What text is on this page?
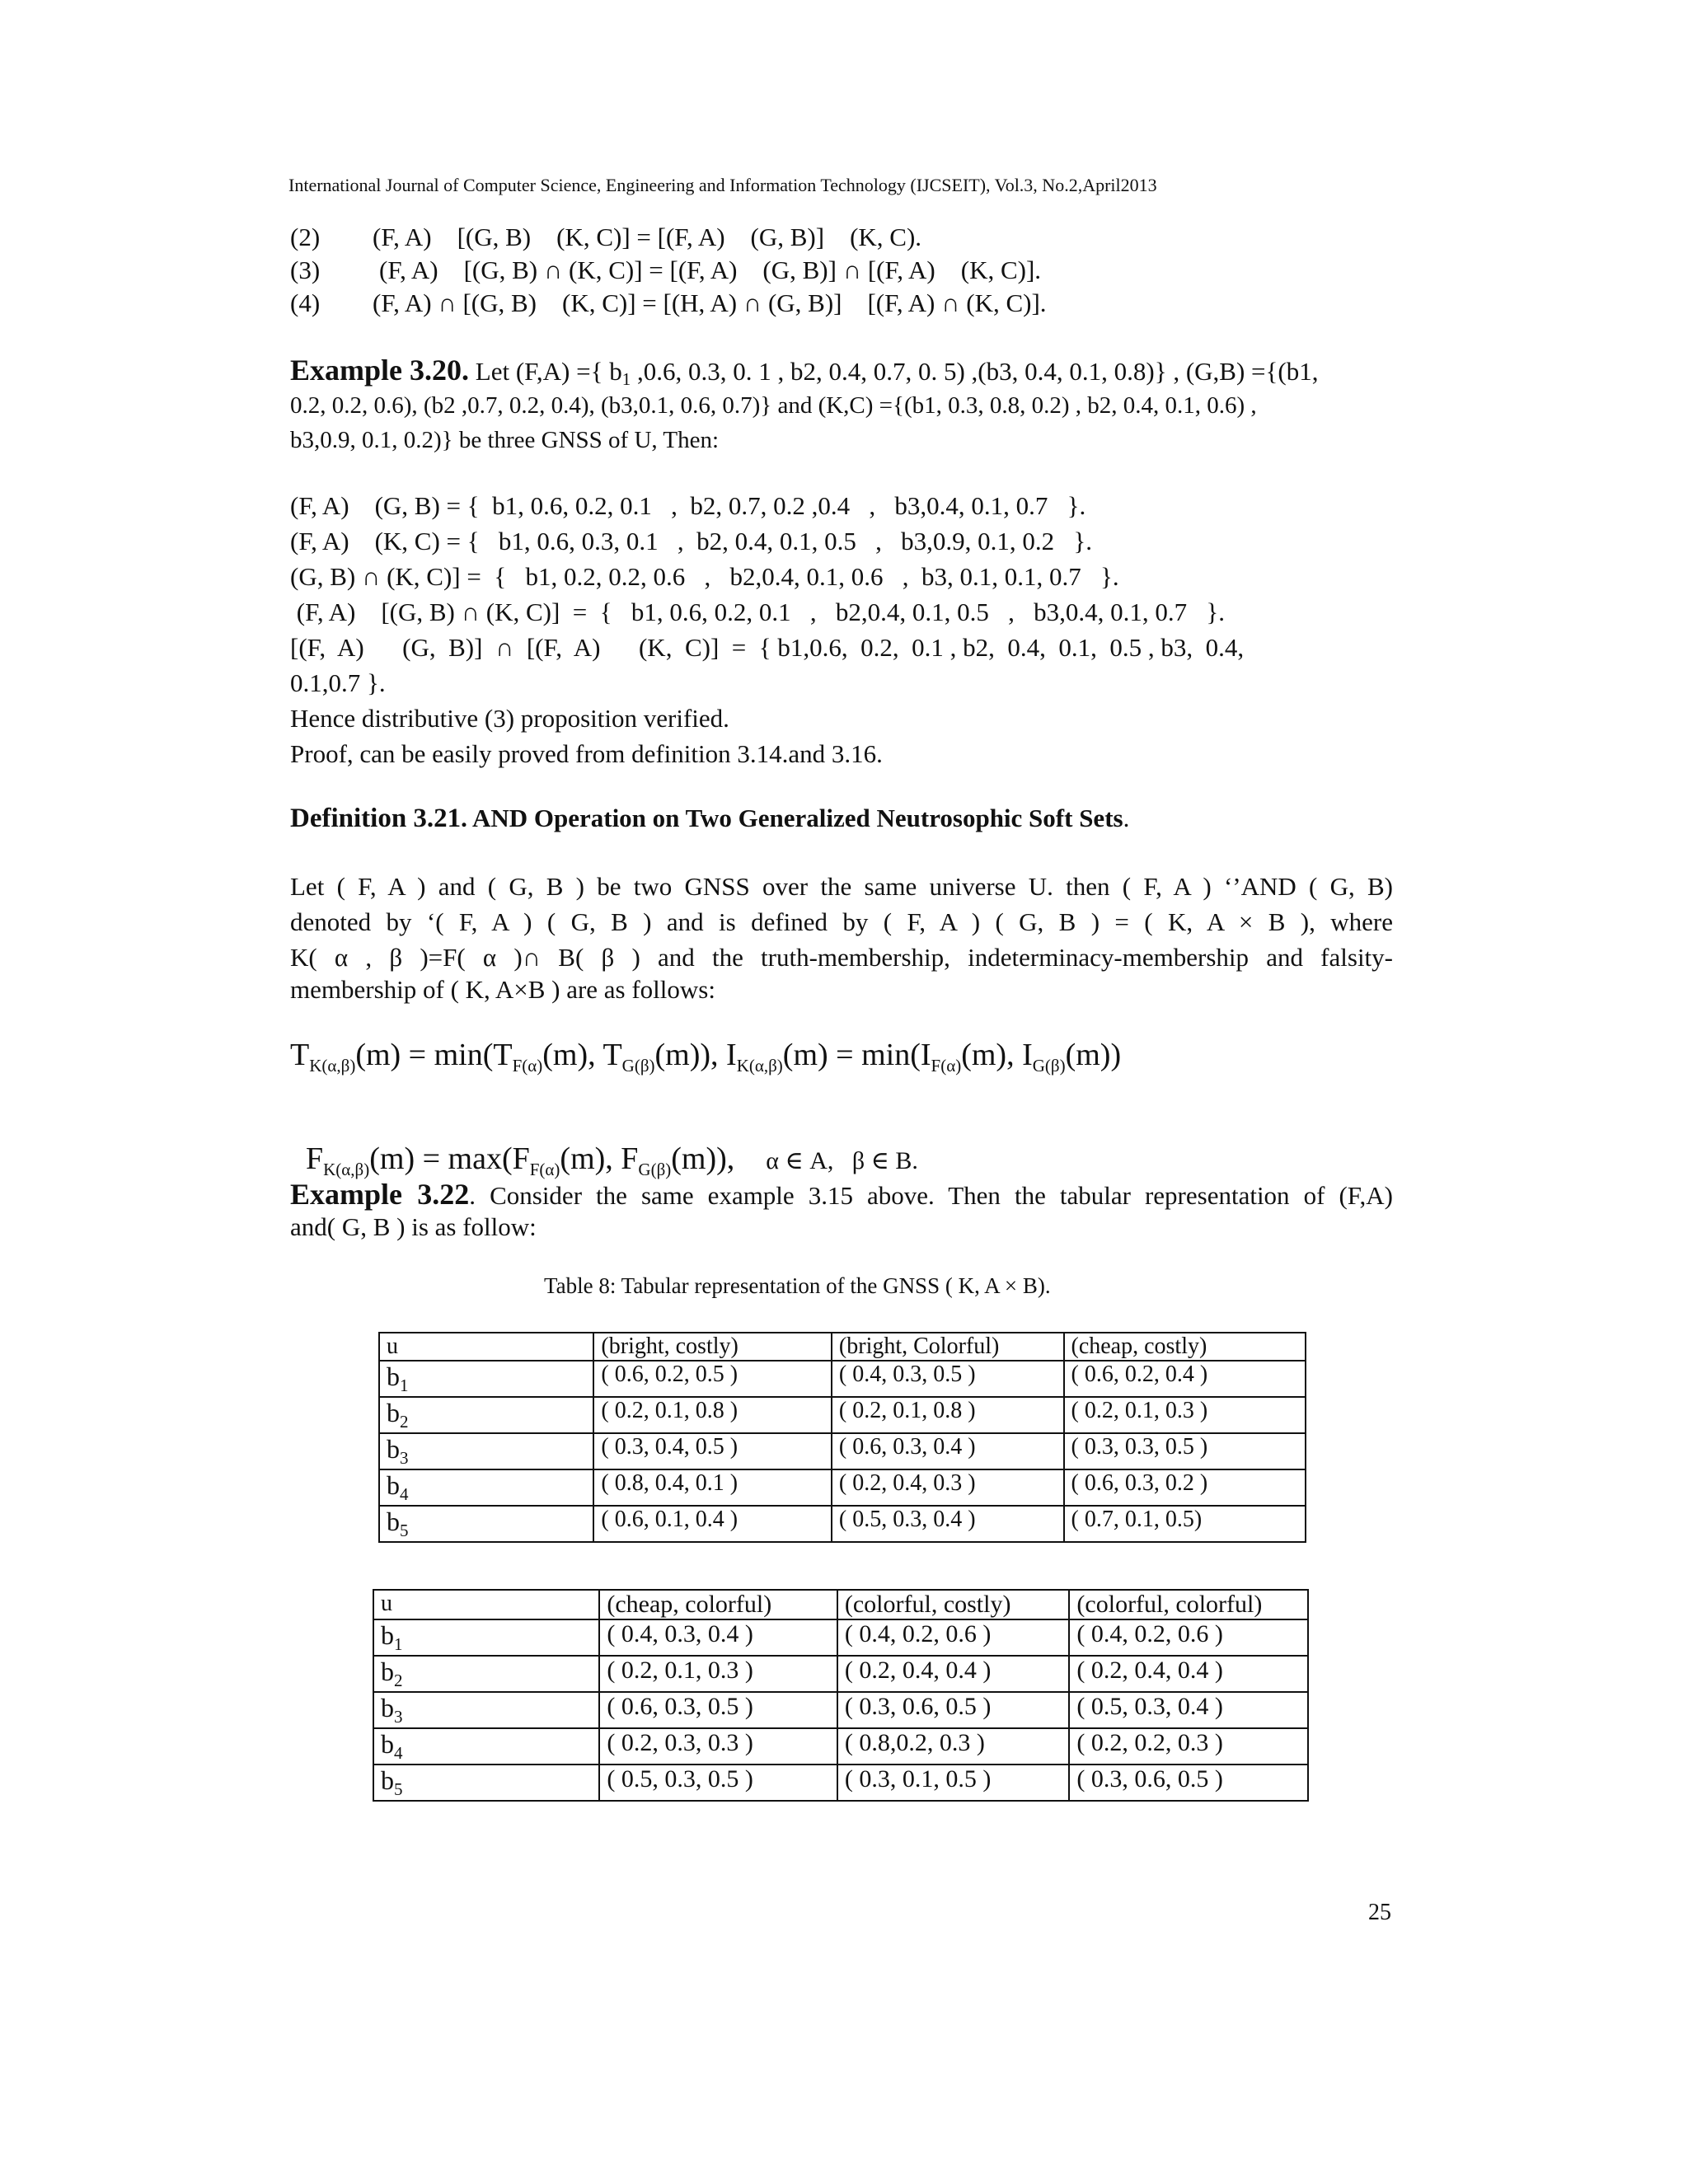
International Journal of Computer Science, Engineering and Information Technology (IJCSEIT), Vol.3, No.2,April2013
(2) (F, A)    [(G, B)    (K, C)] = [(F, A)    (G, B)]    (K, C).
(3) (F, A)    [(G, B) ∩ (K, C)] = [(F, A)    (G, B)] ∩ [(F, A)    (K, C)].
(4) (F, A) ∩ [(G, B)    (K, C)] = [(H, A) ∩ (G, B)]    [(F, A) ∩ (K, C)].
Example 3.20. Let (F,A) ={ $b_1$ ,0.6, 0.3, 0. 1 , b2, 0.4, 0.7, 0. 5) ,(b3, 0.4, 0.1, 0.8)} , (G,B) ={(b1,
0.2, 0.2, 0.6), (b2 ,0.7, 0.2, 0.4), (b3,0.1, 0.6, 0.7)} and (K,C) ={(b1, 0.3, 0.8, 0.2) , b2, 0.4, 0.1, 0.6) ,
b3,0.9, 0.1, 0.2)} be three GNSS of U, Then:
(F, A)    (G, B) = {  b1, 0.6, 0.2, 0.1   ,  b2, 0.7, 0.2 ,0.4   ,   b3,0.4, 0.1, 0.7   }.
(F, A)    (K, C) = {   b1, 0.6, 0.3, 0.1   ,  b2, 0.4, 0.1, 0.5   ,   b3,0.9, 0.1, 0.2   }.
(G, B) ∩ (K, C)] =  {   b1, 0.2, 0.2, 0.6   ,   b2,0.4, 0.1, 0.6   ,  b3, 0.1, 0.1, 0.7   }.
(F, A)    [(G, B) ∩ (K, C)]  =  {   b1, 0.6, 0.2, 0.1   ,   b2,0.4, 0.1, 0.5   ,   b3,0.4, 0.1, 0.7   }.
[(F,  A)      (G,  B)]  ∩  [(F,  A)      (K,  C)]  =  { b1,0.6,  0.2,  0.1 , b2,  0.4,  0.1,  0.5 , b3,  0.4,
0.1,0.7 }.
Hence distributive (3) proposition verified.
Proof, can be easily proved from definition 3.14.and 3.16.
Definition 3.21. AND Operation on Two Generalized Neutrosophic Soft Sets.
Let ( F, A ) and ( G, B ) be two GNSS over the same universe U. then ( F, A ) ‘’AND ( G, B)
denoted by ‘( F, A ) ( G, B ) and is defined by ( F, A ) ( G, B ) = ( K, A × B ), where
K( α , β )=F( α )∩ B( β ) and the truth-membership, indeterminacy-membership and falsity-
membership of ( K, A×B ) are as follows:
$T_{K(\alpha,\beta)}(m) = \min(T_{F(\alpha)}(m)$, $T_{G(\beta)}(m)$), $I_{K(\alpha,\beta)}(m) = \min(I_{F(\alpha)}(m)$, $I_{G(\beta)}(m)$)

$F_{K(\alpha,\beta)}(m) = \max(F_{F(\alpha)}(m)$, $F_{G(\beta)}(m)$),    α ∈ A,   β ∈ B.

Example 3.22. Consider the same example 3.15 above. Then the tabular representation of (F,A)
and( G, B ) is as follow:
Table 8: Tabular representation of the GNSS ( K, A × B).
u	(bright, costly)	(bright, Colorful)	(cheap, costly)
$b_1$	( 0.6, 0.2, 0.5 )	( 0.4, 0.3, 0.5 )	( 0.6, 0.2, 0.4 )
$b_2$	( 0.2, 0.1, 0.8 )	( 0.2, 0.1, 0.8 )	( 0.2, 0.1, 0.3 )
$b_3$	( 0.3, 0.4, 0.5 )	( 0.6, 0.3, 0.4 )	( 0.3, 0.3, 0.5 )
$b_4$	( 0.8, 0.4, 0.1 )	( 0.2, 0.4, 0.3 )	( 0.6, 0.3, 0.2 )
$b_5$	( 0.6, 0.1, 0.4 )	( 0.5, 0.3, 0.4 )	( 0.7, 0.1, 0.5)
u	(cheap, colorful)	(colorful, costly)	(colorful, colorful)
$b_1$	( 0.4, 0.3, 0.4 )	( 0.4, 0.2, 0.6 )	( 0.4, 0.2, 0.6 )
$b_2$	( 0.2, 0.1, 0.3 )	( 0.2, 0.4, 0.4 )	( 0.2, 0.4, 0.4 )
$b_3$	( 0.6, 0.3, 0.5 )	( 0.3, 0.6, 0.5 )	( 0.5, 0.3, 0.4 )
$b_4$	( 0.2, 0.3, 0.3 )	( 0.8,0.2, 0.3 )	( 0.2, 0.2, 0.3 )
$b_5$	( 0.5, 0.3, 0.5 )	( 0.3, 0.1, 0.5 )	( 0.3, 0.6, 0.5 )
25
